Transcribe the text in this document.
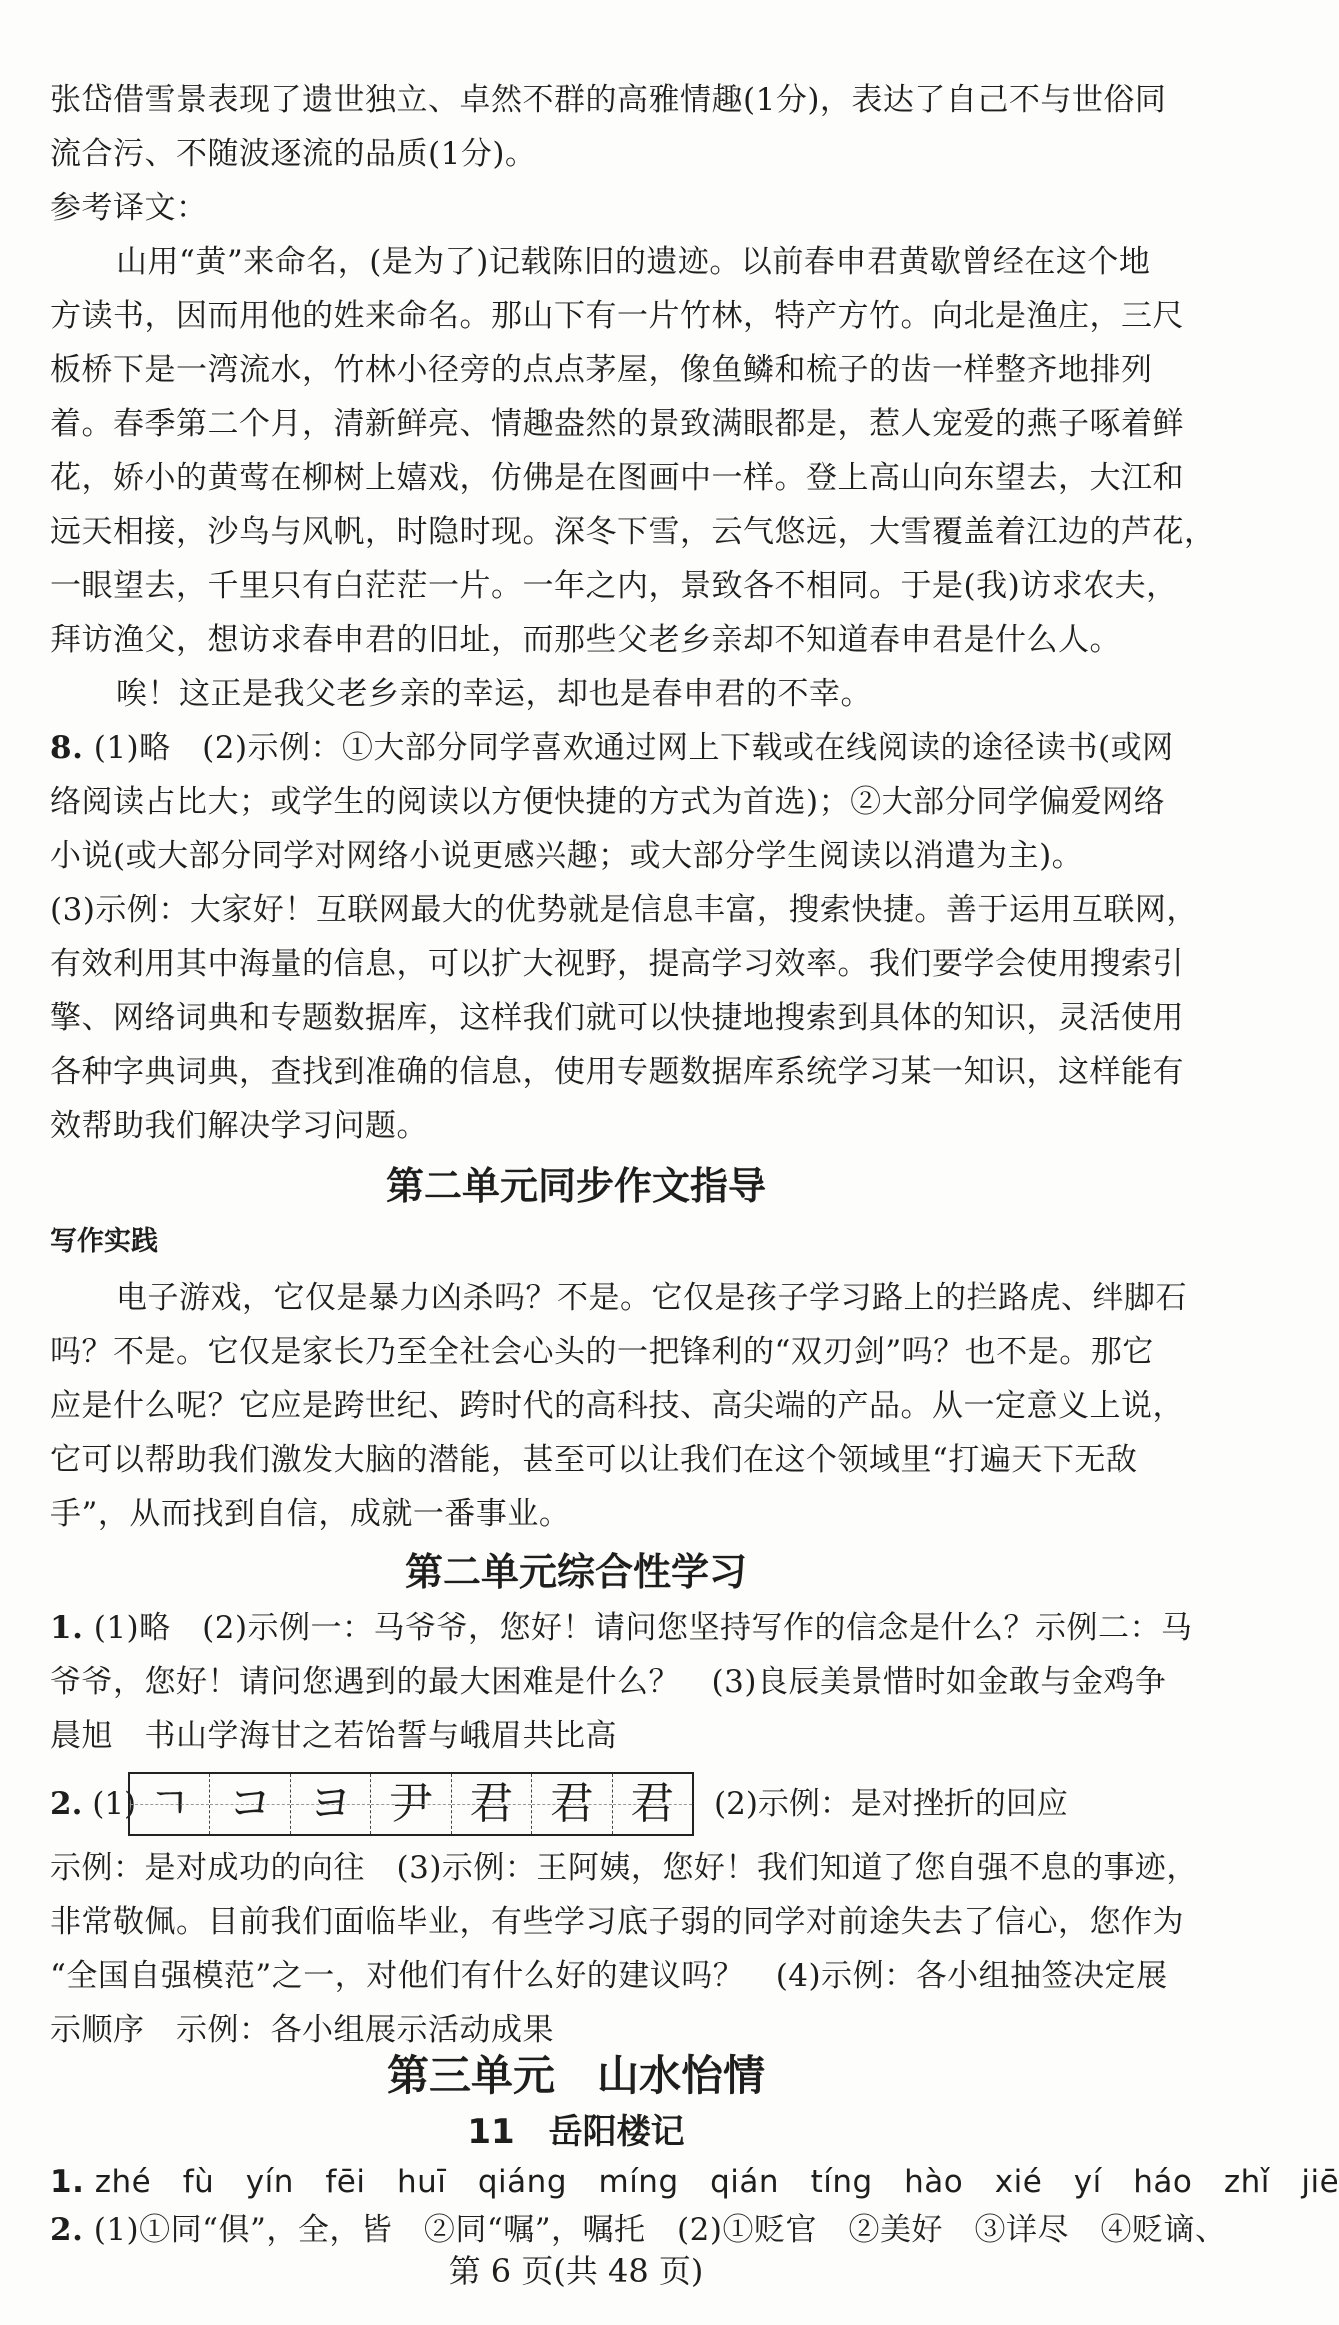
张岱借雪景表现了遗世独立、卓然不群的高雅情趣(1分)，表达了自己不与世俗同
流合污、不随波逐流的品质(1分)。
参考译文：
山用“黄”来命名，(是为了)记载陈旧的遗迹。以前春申君黄歇曾经在这个地
方读书，因而用他的姓来命名。那山下有一片竹林，特产方竹。向北是渔庄，三尺
板桥下是一湾流水，竹林小径旁的点点茅屋，像鱼鳞和梳子的齿一样整齐地排列
着。春季第二个月，清新鲜亮、情趣盎然的景致满眼都是，惹人宠爱的燕子啄着鲜
花，娇小的黄莺在柳树上嬉戏，仿佛是在图画中一样。登上高山向东望去，大江和
远天相接，沙鸟与风帆，时隐时现。深冬下雪，云气悠远，大雪覆盖着江边的芦花，
一眼望去，千里只有白茫茫一片。一年之内，景致各不相同。于是(我)访求农夫，
拜访渔父，想访求春申君的旧址，而那些父老乡亲却不知道春申君是什么人。
唉！这正是我父老乡亲的幸运，却也是春申君的不幸。
8. (1)略　(2)示例：①大部分同学喜欢通过网上下载或在线阅读的途径读书(或网
络阅读占比大；或学生的阅读以方便快捷的方式为首选)；②大部分同学偏爱网络
小说(或大部分同学对网络小说更感兴趣；或大部分学生阅读以消遣为主)。
(3)示例：大家好！互联网最大的优势就是信息丰富，搜索快捷。善于运用互联网，
有效利用其中海量的信息，可以扩大视野，提高学习效率。我们要学会使用搜索引
擎、网络词典和专题数据库，这样我们就可以快捷地搜索到具体的知识，灵活使用
各种字典词典，查找到准确的信息，使用专题数据库系统学习某一知识，这样能有
效帮助我们解决学习问题。
第二单元同步作文指导
写作实践
电子游戏，它仅是暴力凶杀吗？不是。它仅是孩子学习路上的拦路虎、绊脚石
吗？不是。它仅是家长乃至全社会心头的一把锋利的“双刃剑”吗？也不是。那它
应是什么呢？它应是跨世纪、跨时代的高科技、高尖端的产品。从一定意义上说，
它可以帮助我们激发大脑的潜能，甚至可以让我们在这个领域里“打遍天下无敌
手”，从而找到自信，成就一番事业。
第二单元综合性学习
1. (1)略　(2)示例一：马爷爷，您好！请问您坚持写作的信念是什么？示例二：马
爷爷，您好！请问您遇到的最大困难是什么？　(3)良辰美景惜时如金敢与金鸡争
晨旭　书山学海甘之若饴誓与峨眉共比高
2. (1) ㄱ コ ヨ 尹 君 君 君	(2)示例：是对挫折的回应
示例：是对成功的向往　(3)示例：王阿姨，您好！我们知道了您自强不息的事迹，
非常敬佩。目前我们面临毕业，有些学习底子弱的同学对前途失去了信心，您作为
“全国自强模范”之一，对他们有什么好的建议吗？　(4)示例：各小组抽签决定展
示顺序　示例：各小组展示活动成果
第三单元　山水怡情
11　岳阳楼记
1. zhé　fù　yín　fēi　huī　qiáng　míng　qián　tíng　hào　xié　yí　háo　zhǐ　jiē
2. (1)①同“俱”，全，皆　②同“嘱”，嘱托　(2)①贬官　②美好　③详尽　④贬谪、
第 6 页(共 48 页)
